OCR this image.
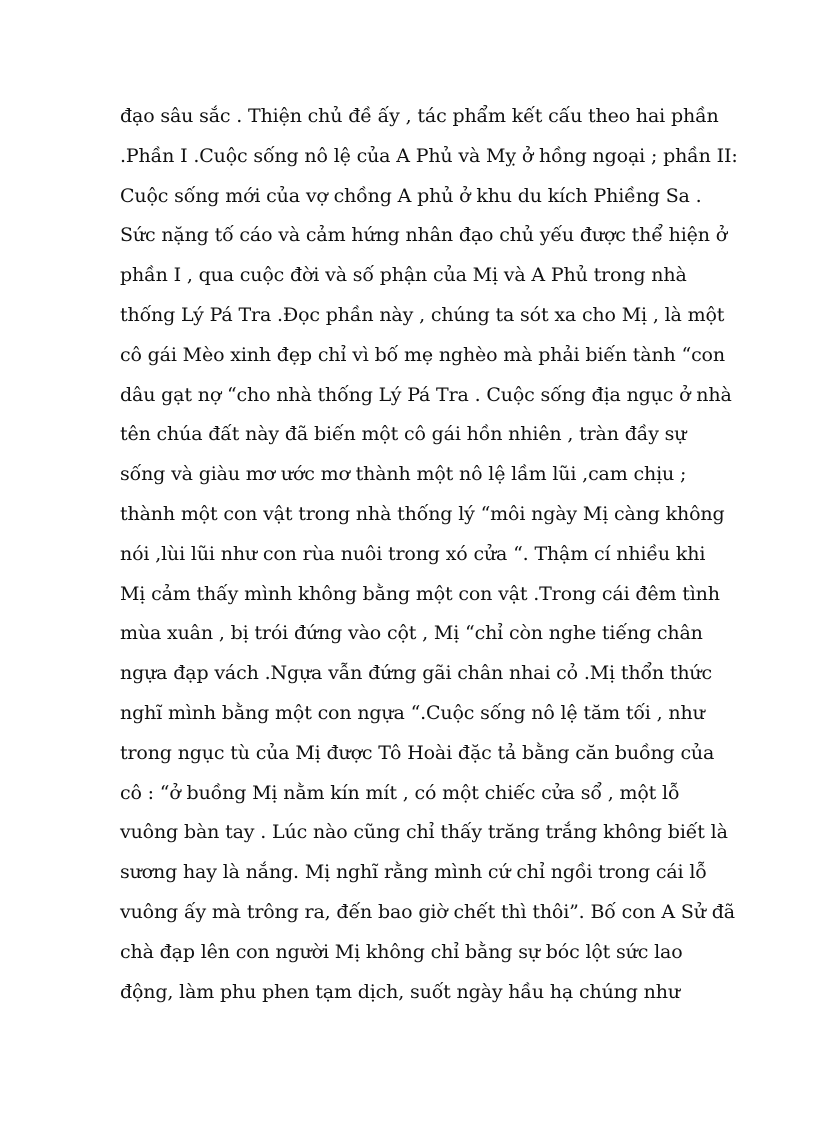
đạo sâu sắc . Thiện chủ đề ấy , tác phẩm kết cấu theo hai phần
.Phần I .Cuộc sống nô lệ của A Phủ và Mỵ ở hồng ngoại ; phần II:
Cuộc sống mới của vợ chồng A phủ ở khu du kích Phiềng Sa .
Sức nặng tố cáo và cảm hứng nhân đạo chủ yếu được thể hiện ở
phần I , qua cuộc đời và số phận của Mị và A Phủ trong nhà
thống Lý Pá Tra .Đọc phần này , chúng ta sót xa cho Mị , là một
cô gái Mèo xinh đẹp chỉ vì bố mẹ nghèo mà phải biến tành “con
dâu gạt nợ “cho nhà thống Lý Pá Tra . Cuộc sống địa ngục ở nhà
tên chúa đất này đã biến một cô gái hồn nhiên , tràn đầy sự
sống và giàu mơ ước mơ thành một nô lệ lầm lũi ,cam chịu ;
thành một con vật trong nhà thống lý “môi ngày Mị càng không
nói ,lùi lũi như con rùa nuôi trong xó cửa “. Thậm cí nhiều khi
Mị cảm thấy mình không bằng một con vật .Trong cái đêm tình
mùa xuân , bị trói đứng vào cột , Mị “chỉ còn nghe tiếng chân
ngựa đạp vách .Ngựa vẫn đứng gãi chân nhai cỏ .Mị thổn thức
nghĩ mình bằng một con ngựa “.Cuộc sống nô lệ tăm tối , như
trong ngục tù của Mị được Tô Hoài đặc tả bằng căn buồng của
cô : “ở buồng Mị nằm kín mít , có một chiếc cửa sổ , một lỗ
vuông bàn tay . Lúc nào cũng chỉ thấy trăng trắng không biết là
sương hay là nắng. Mị nghĩ rằng mình cứ chỉ ngồi trong cái lỗ
vuông ấy mà trông ra, đến bao giờ chết thì thôi”. Bố con A Sử đã
chà đạp lên con người Mị không chỉ bằng sự bóc lột sức lao
động, làm phu phen tạm dịch, suốt ngày hầu hạ chúng như
